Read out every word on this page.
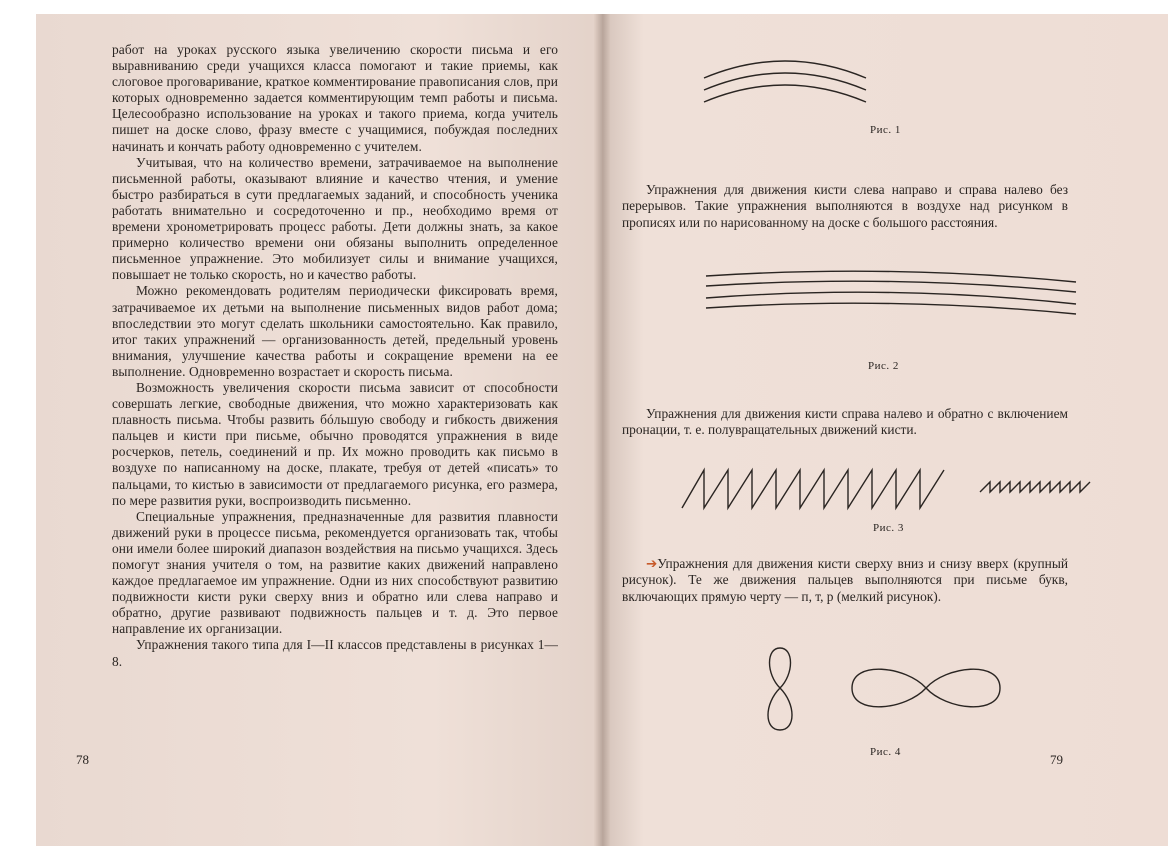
работ на уроках русского языка увеличению скорости письма и его выравниванию среди учащихся класса помогают и такие приемы, как слоговое проговаривание, краткое комментирование правописания слов, при которых одновременно задается комментирующим темп работы и письма. Целесообразно использование на уроках и такого приема, когда учитель пишет на доске слово, фразу вместе с учащимися, побуждая последних начинать и кончать работу одновременно с учителем.

Учитывая, что на количество времени, затрачиваемое на выполнение письменной работы, оказывают влияние и качество чтения, и умение быстро разбираться в сути предлагаемых заданий, и способность ученика работать внимательно и сосредоточенно и пр., необходимо время от времени хронометрировать процесс работы. Дети должны знать, за какое примерно количество времени они обязаны выполнить определенное письменное упражнение. Это мобилизует силы и внимание учащихся, повышает не только скорость, но и качество работы.

Можно рекомендовать родителям периодически фиксировать время, затрачиваемое их детьми на выполнение письменных видов работ дома; впоследствии это могут сделать школьники самостоятельно. Как правило, итог таких упражнений — организованность детей, предельный уровень внимания, улучшение качества работы и сокращение времени на ее выполнение. Одновременно возрастает и скорость письма.

Возможность увеличения скорости письма зависит от способности совершать легкие, свободные движения, что можно характеризовать как плавность письма. Чтобы развить бóльшую свободу и гибкость движения пальцев и кисти при письме, обычно проводятся упражнения в виде росчерков, петель, соединений и пр. Их можно проводить как письмо в воздухе по написанному на доске, плакате, требуя от детей «писать» то пальцами, то кистью в зависимости от предлагаемого рисунка, его размера, по мере развития руки, воспроизводить письменно.

Специальные упражнения, предназначенные для развития плавности движений руки в процессе письма, рекомендуется организовать так, чтобы они имели более широкий диапазон воздействия на письмо учащихся. Здесь помогут знания учителя о том, на развитие каких движений направлено каждое предлагаемое им упражнение. Одни из них способствуют развитию подвижности кисти руки сверху вниз и обратно или слева направо и обратно, другие развивают подвижность пальцев и т. д. Это первое направление их организации.

Упражнения такого типа для I—II классов представлены в рисунках 1—8.

78
Рис. 1

Упражнения для движения кисти слева направо и справа налево без перерывов. Такие упражнения выполняются в воздухе над рисунком в прописях или по нарисованному на доске с большого расстояния.

Рис. 2

Упражнения для движения кисти справа налево и обратно с включением пронации, т. е. полувращательных движений кисти.

Рис. 3

➔Упражнения для движения кисти сверху вниз и снизу вверх (крупный рисунок). Те же движения пальцев выполняются при письме букв, включающих прямую черту — п, т, р (мелкий рисунок).

Рис. 4	79
